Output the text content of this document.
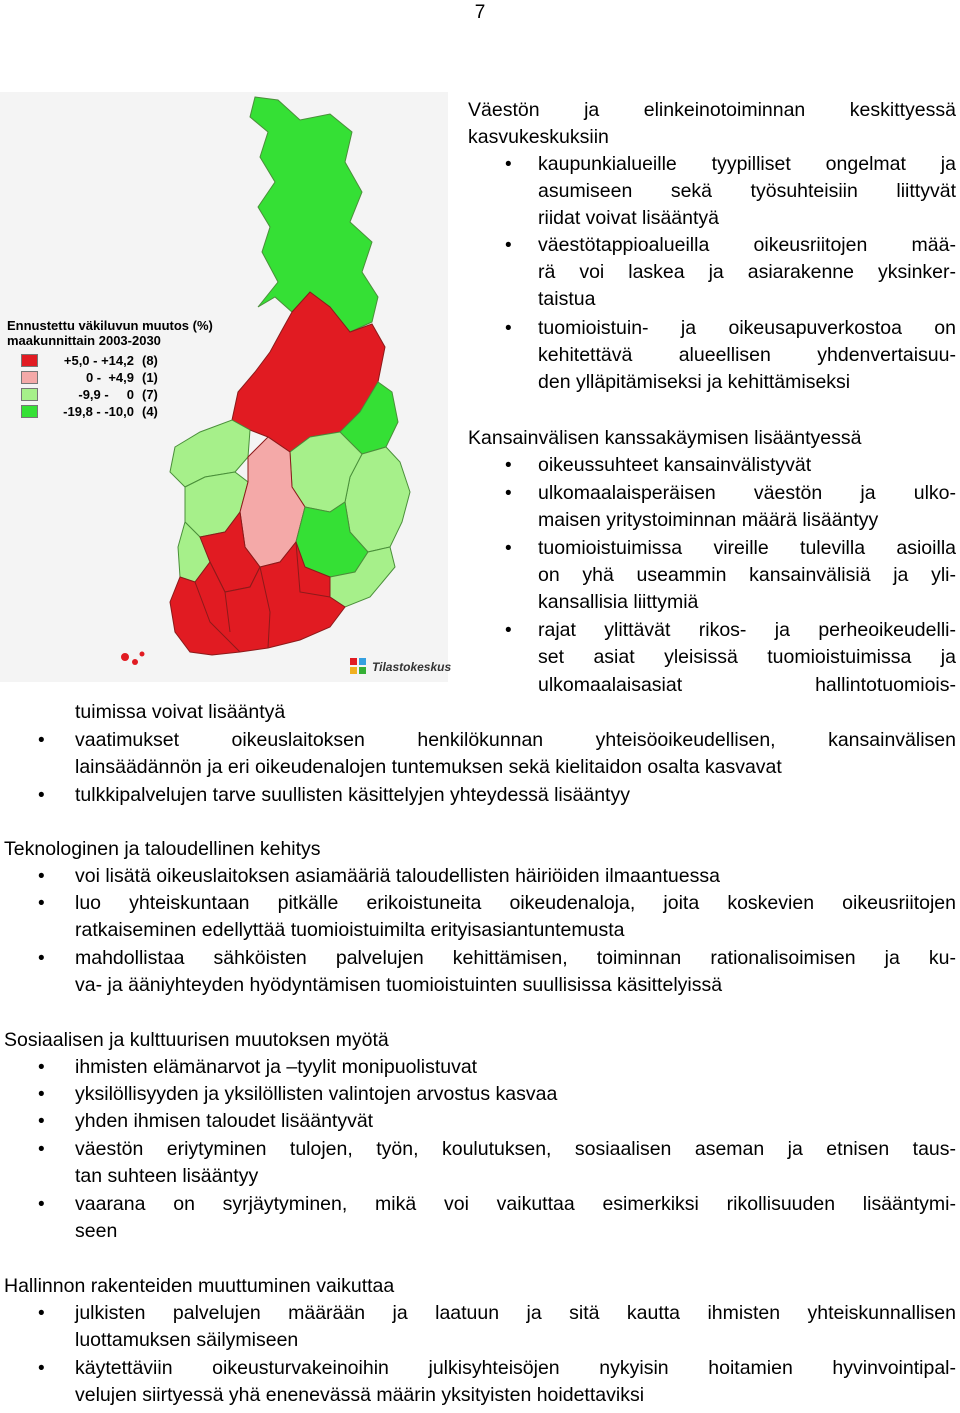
7
Ennustettu väkiluvun muutos (%)
maakunnittain 2003-2030
+5,0 - +14,2 (8)
0 -  +4,9 (1)
-9,9 -     0 (7)
-19,8 - -10,0 (4)
Tilastokeskus
Väestön ja elinkeinotoiminnan keskittyessä
kasvukeskuksiin
• kaupunkialueille tyypilliset ongelmat ja
asumiseen sekä työsuhteisiin liittyvät
riidat voivat lisääntyä
• väestötappioalueilla oikeusriitojen mää-
rä voi laskea ja asiarakenne yksinker-
taistua
• tuomioistuin- ja oikeusapuverkostoa on
kehitettävä alueellisen yhdenvertaisuu-
den ylläpitämiseksi ja kehittämiseksi
Kansainvälisen kanssakäymisen lisääntyessä
• oikeussuhteet kansainvälistyvät
• ulkomaalaisperäisen väestön ja ulko-
maisen yritystoiminnan määrä lisääntyy
• tuomioistuimissa vireille tulevilla asioilla
on yhä useammin kansainvälisiä ja yli-
kansallisia liittymiä
• rajat ylittävät rikos- ja perheoikeudelli-
set asiat yleisissä tuomioistuimissa ja
ulkomaalaisasiat hallintotuomiois-
tuimissa voivat lisääntyä
• vaatimukset oikeuslaitoksen henkilökunnan yhteisöoikeudellisen, kansainvälisen
lainsäädännön ja eri oikeudenalojen tuntemuksen sekä kielitaidon osalta kasvavat
• tulkkipalvelujen tarve suullisten käsittelyjen yhteydessä lisääntyy
Teknologinen ja taloudellinen kehitys
• voi lisätä oikeuslaitoksen asiamääriä taloudellisten häiriöiden ilmaantuessa
• luo yhteiskuntaan pitkälle erikoistuneita oikeudenaloja, joita koskevien oikeusriitojen
ratkaiseminen edellyttää tuomioistuimilta erityisasiantuntemusta
• mahdollistaa sähköisten palvelujen kehittämisen, toiminnan rationalisoimisen ja ku-
va- ja ääniyhteyden hyödyntämisen tuomioistuinten suullisissa käsittelyissä
Sosiaalisen ja kulttuurisen muutoksen myötä
• ihmisten elämänarvot ja –tyylit monipuolistuvat
• yksilöllisyyden ja yksilöllisten valintojen arvostus kasvaa
• yhden ihmisen taloudet lisääntyvät
• väestön eriytyminen tulojen, työn, koulutuksen, sosiaalisen aseman ja etnisen taus-
tan suhteen lisääntyy
• vaarana on syrjäytyminen, mikä voi vaikuttaa esimerkiksi rikollisuuden lisääntymi-
seen
Hallinnon rakenteiden muuttuminen vaikuttaa
• julkisten palvelujen määrään ja laatuun ja sitä kautta ihmisten yhteiskunnallisen
luottamuksen säilymiseen
• käytettäviin oikeusturvakeinoihin julkisyhteisöjen nykyisin hoitamien hyvinvointipal-
velujen siirtyessä yhä enenevässä määrin yksityisten hoidettaviksi
